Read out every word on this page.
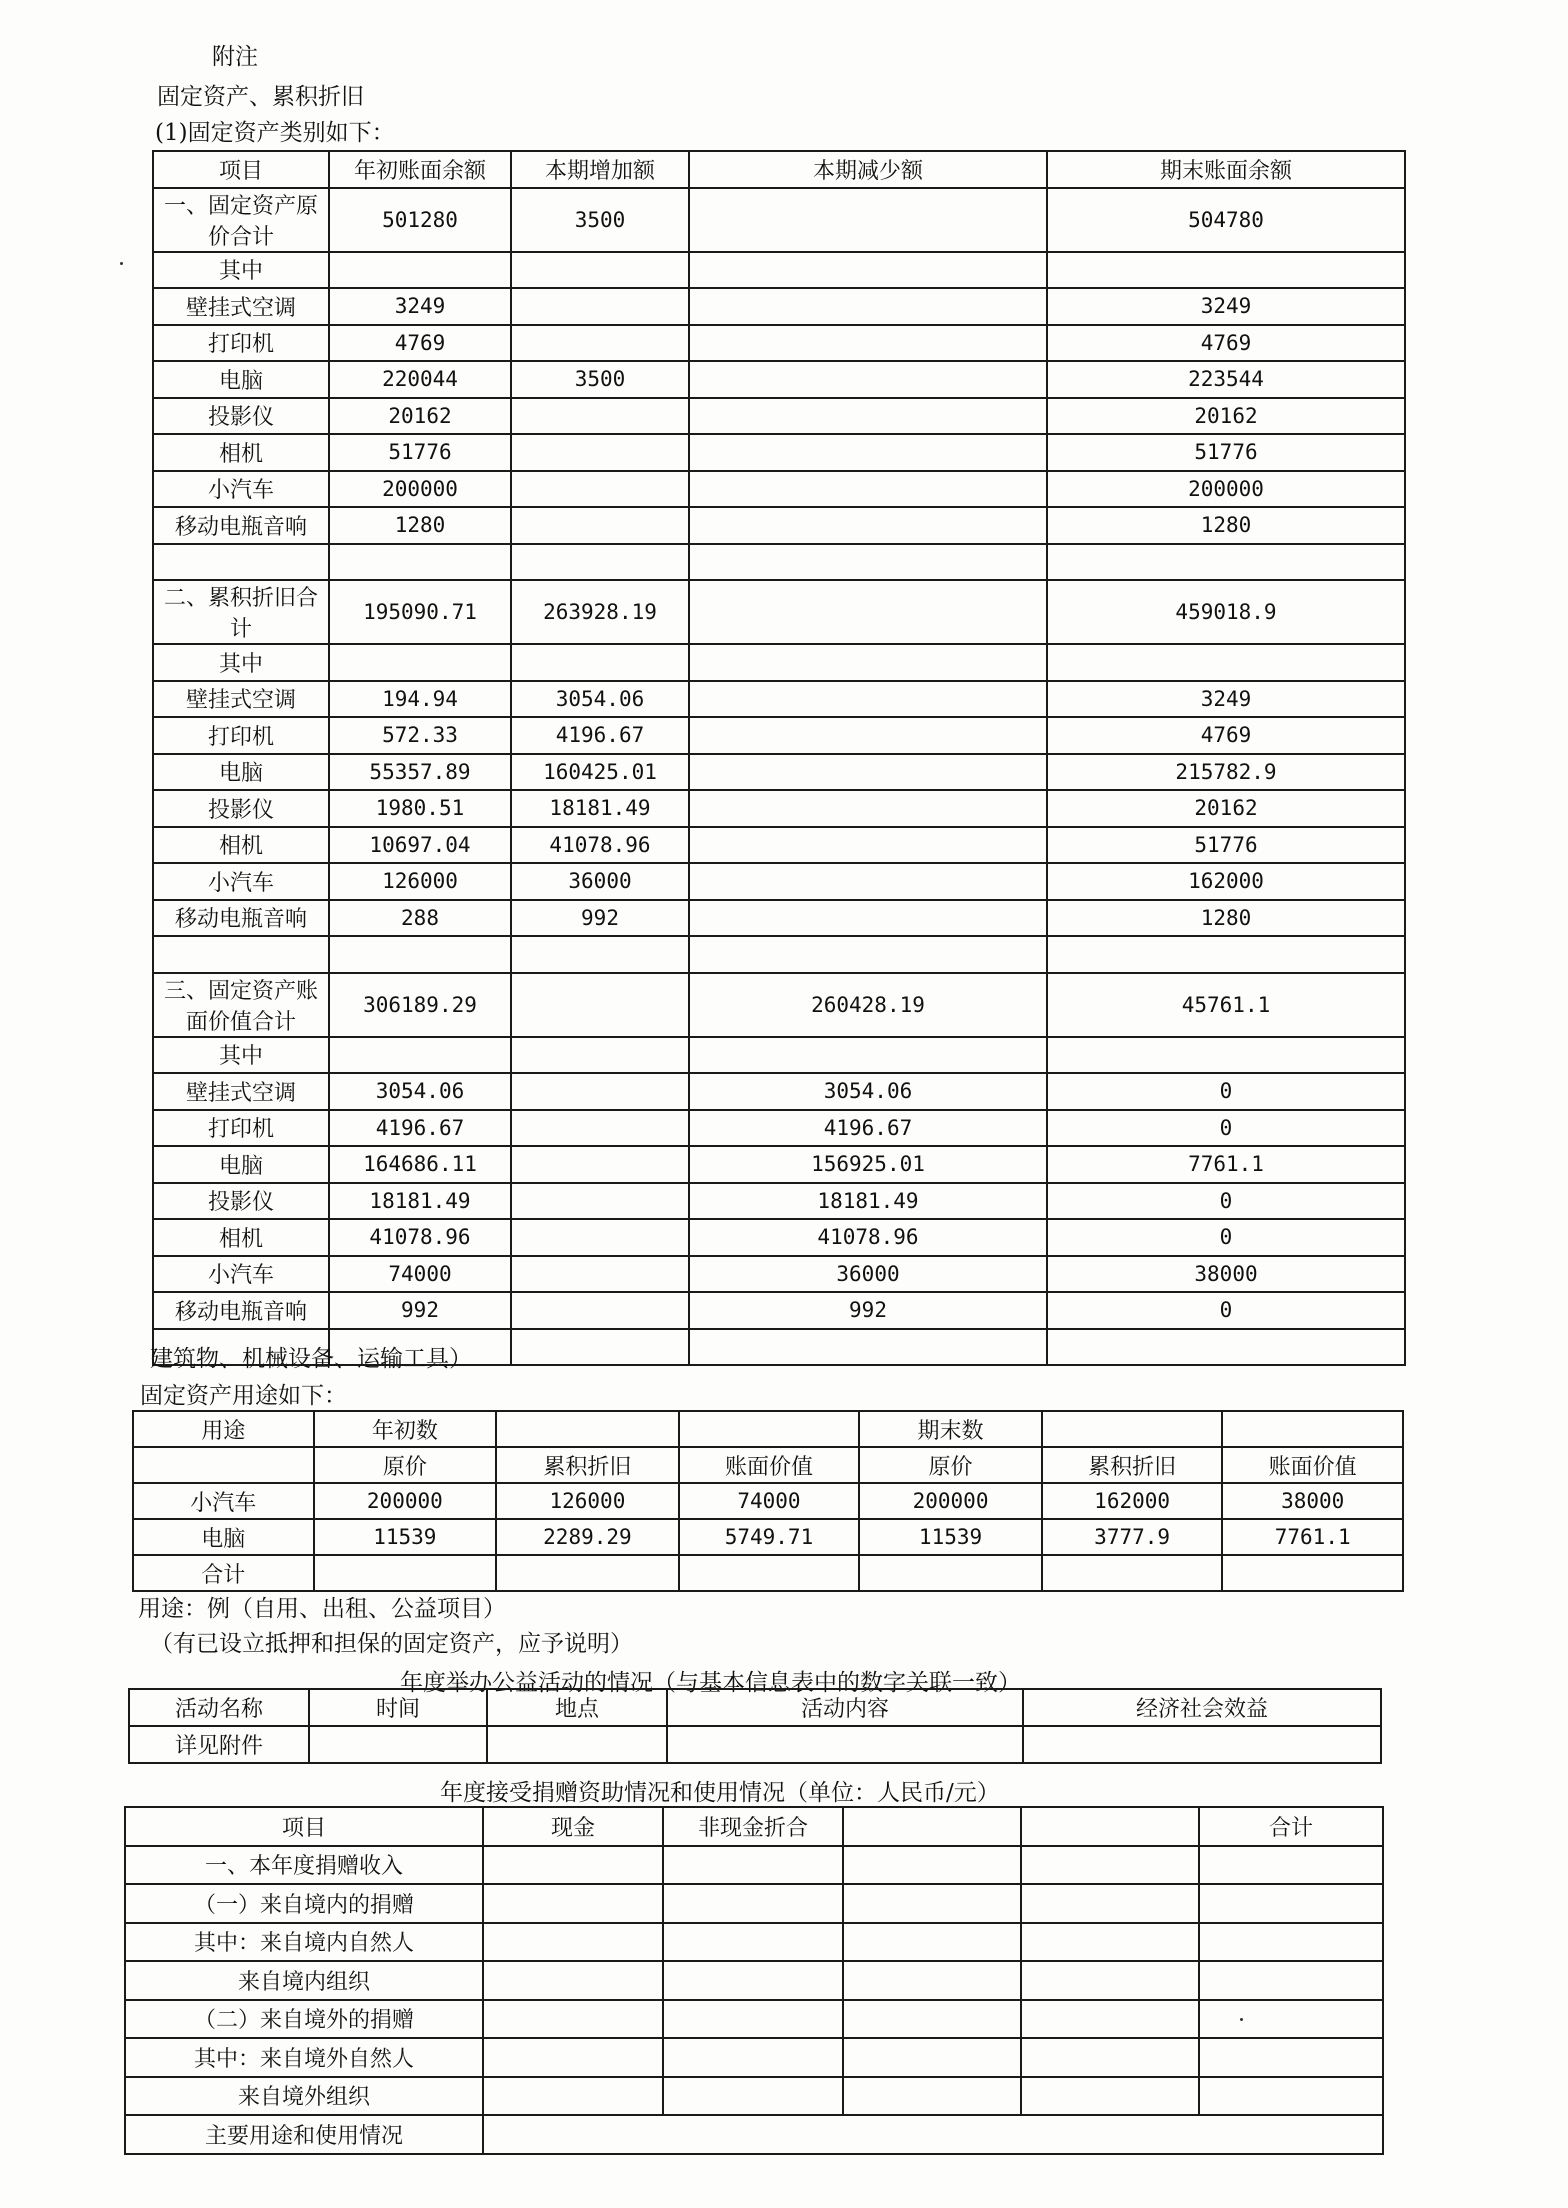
附注
固定资产、累积折旧
(1)固定资产类别如下：
项目	年初账面余额	本期增加额	本期减少额	期末账面余额
一、固定资产原价合计	501280	3500		504780
其中				
壁挂式空调	3249			3249
打印机	4769			4769
电脑	220044	3500		223544
投影仪	20162			20162
相机	51776			51776
小汽车	200000			200000
移动电瓶音响	1280			1280

二、累积折旧合计	195090.71	263928.19		459018.9
其中				
壁挂式空调	194.94	3054.06		3249
打印机	572.33	4196.67		4769
电脑	55357.89	160425.01		215782.9
投影仪	1980.51	18181.49		20162
相机	10697.04	41078.96		51776
小汽车	126000	36000		162000
移动电瓶音响	288	992		1280

三、固定资产账面价值合计	306189.29		260428.19	45761.1
其中				
壁挂式空调	3054.06		3054.06	0
打印机	4196.67		4196.67	0
电脑	164686.11		156925.01	7761.1
投影仪	18181.49		18181.49	0
相机	41078.96		41078.96	0
小汽车	74000		36000	38000
移动电瓶音响	992		992	0

建筑物、机械设备、运输工具）
固定资产用途如下：
用途	年初数			期末数		
	原价	累积折旧	账面价值	原价	累积折旧	账面价值
小汽车	200000	126000	74000	200000	162000	38000
电脑	11539	2289.29	5749.71	11539	3777.9	7761.1
合计						
用途：例（自用、出租、公益项目）
（有已设立抵押和担保的固定资产，应予说明）
年度举办公益活动的情况（与基本信息表中的数字关联一致）
活动名称	时间	地点	活动内容	经济社会效益
详见附件				
年度接受捐赠资助情况和使用情况（单位：人民币/元）
项目	现金	非现金折合			合计
一、本年度捐赠收入					
（一）来自境内的捐赠					
其中：来自境内自然人					
来自境内组织					
（二）来自境外的捐赠					
其中：来自境外自然人					
来自境外组织					
主要用途和使用情况					
